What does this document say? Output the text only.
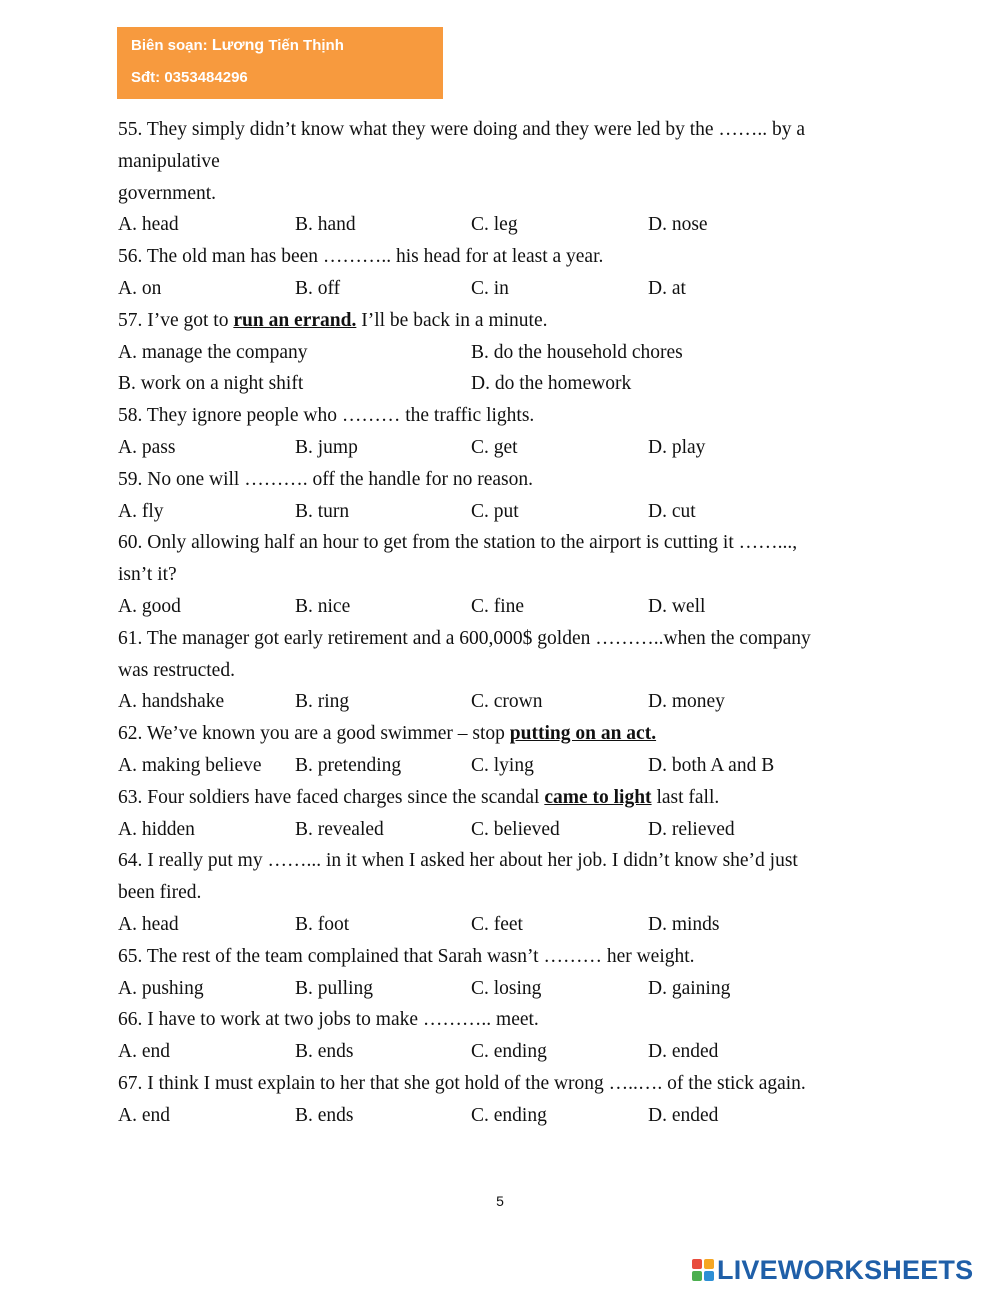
Biên soạn: Lương Tiến Thịnh
Sđt: 0353484296
55. They simply didn’t know what they were doing and they were led by the …….. by a
manipulative
government.
A. head	B. hand	C. leg	D. nose
56. The old man has been ……….. his head for at least a year.
A. on	B. off	C. in	D. at
57. I’ve got to run an errand. I’ll be back in a minute.
A. manage the company	B. do the household chores
B. work on a night shift	D. do the homework
58. They ignore people who ……… the traffic lights.
A. pass	B. jump	C. get	D. play
59. No one will ………. off the handle for no reason.
A. fly	B. turn	C. put	D. cut
60. Only allowing half an hour to get from the station to the airport is cutting it ……...,
isn’t it?
A. good	B. nice	C. fine	D. well
61. The manager got early retirement and a 600,000$ golden ………..when the company
was restructed.
A. handshake	B. ring	C. crown	D. money
62. We’ve known you are a good swimmer – stop putting on an act.
A. making believe B. pretending	C. lying	D. both A and B
63. Four soldiers have faced charges since the scandal came to light last fall.
A. hidden	B. revealed	C. believed	D. relieved
64. I really put my ……... in it when I asked her about her job. I didn’t know she’d just
been fired.
A. head	B. foot	C. feet	D. minds
65. The rest of the team complained that Sarah wasn’t ……… her weight.
A. pushing	B. pulling	C. losing	D. gaining
66. I have to work at two jobs to make ……….. meet.
A. end	B. ends	C. ending	D. ended
67. I think I must explain to her that she got hold of the wrong …..…. of the stick again.
A. end	B. ends	C. ending	D. ended
5
LIVEWORKSHEETS
